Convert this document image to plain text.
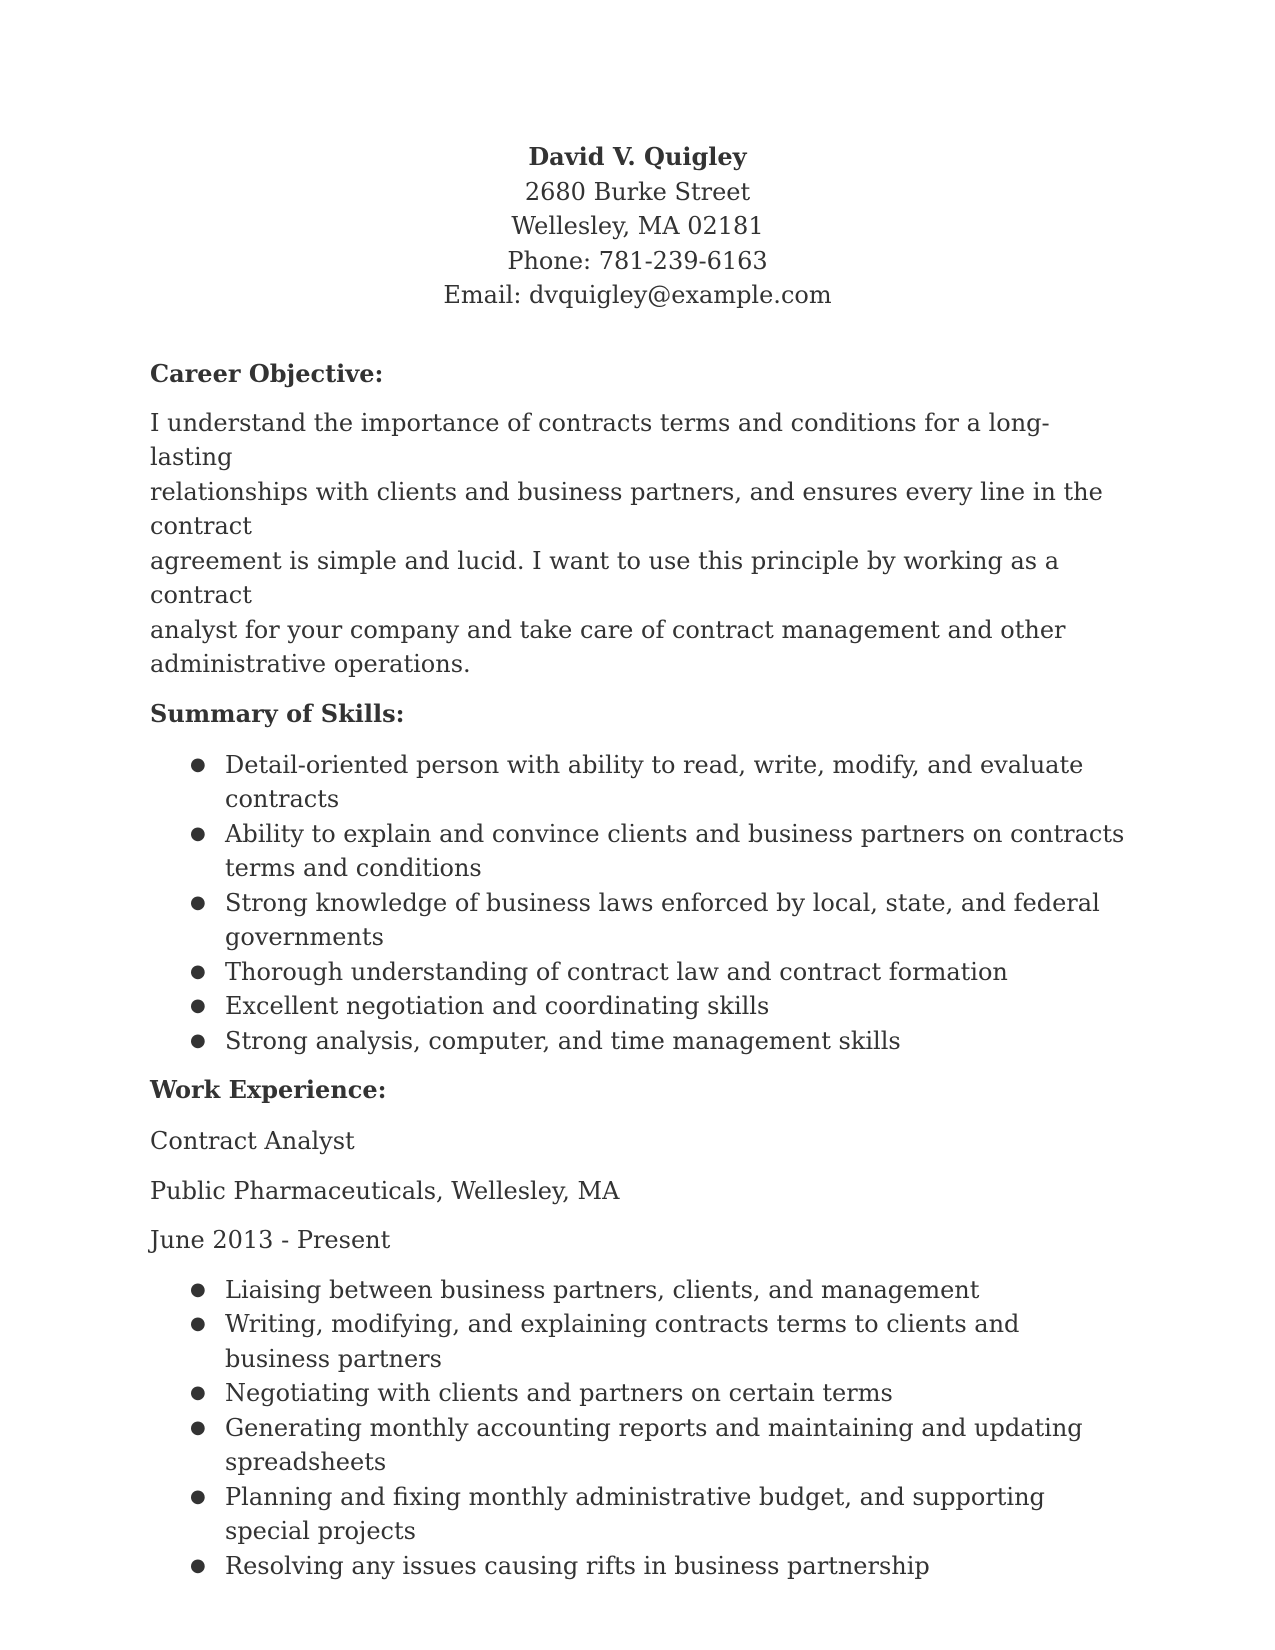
David V. Quigley
2680 Burke Street
Wellesley, MA 02181
Phone: 781-239-6163
Email: dvquigley@example.com
Career Objective:
I understand the importance of contracts terms and conditions for a long-lasting
relationships with clients and business partners, and ensures every line in the contract
agreement is simple and lucid. I want to use this principle by working as a contract
analyst for your company and take care of contract management and other
administrative operations.
Summary of Skills:
● Detail-oriented person with ability to read, write, modify, and evaluate contracts
● Ability to explain and convince clients and business partners on contracts terms and conditions
● Strong knowledge of business laws enforced by local, state, and federal governments
● Thorough understanding of contract law and contract formation
● Excellent negotiation and coordinating skills
● Strong analysis, computer, and time management skills
Work Experience:
Contract Analyst
Public Pharmaceuticals, Wellesley, MA
June 2013 - Present
● Liaising between business partners, clients, and management
● Writing, modifying, and explaining contracts terms to clients and business partners
● Negotiating with clients and partners on certain terms
● Generating monthly accounting reports and maintaining and updating spreadsheets
● Planning and fixing monthly administrative budget, and supporting special projects
● Resolving any issues causing rifts in business partnership
